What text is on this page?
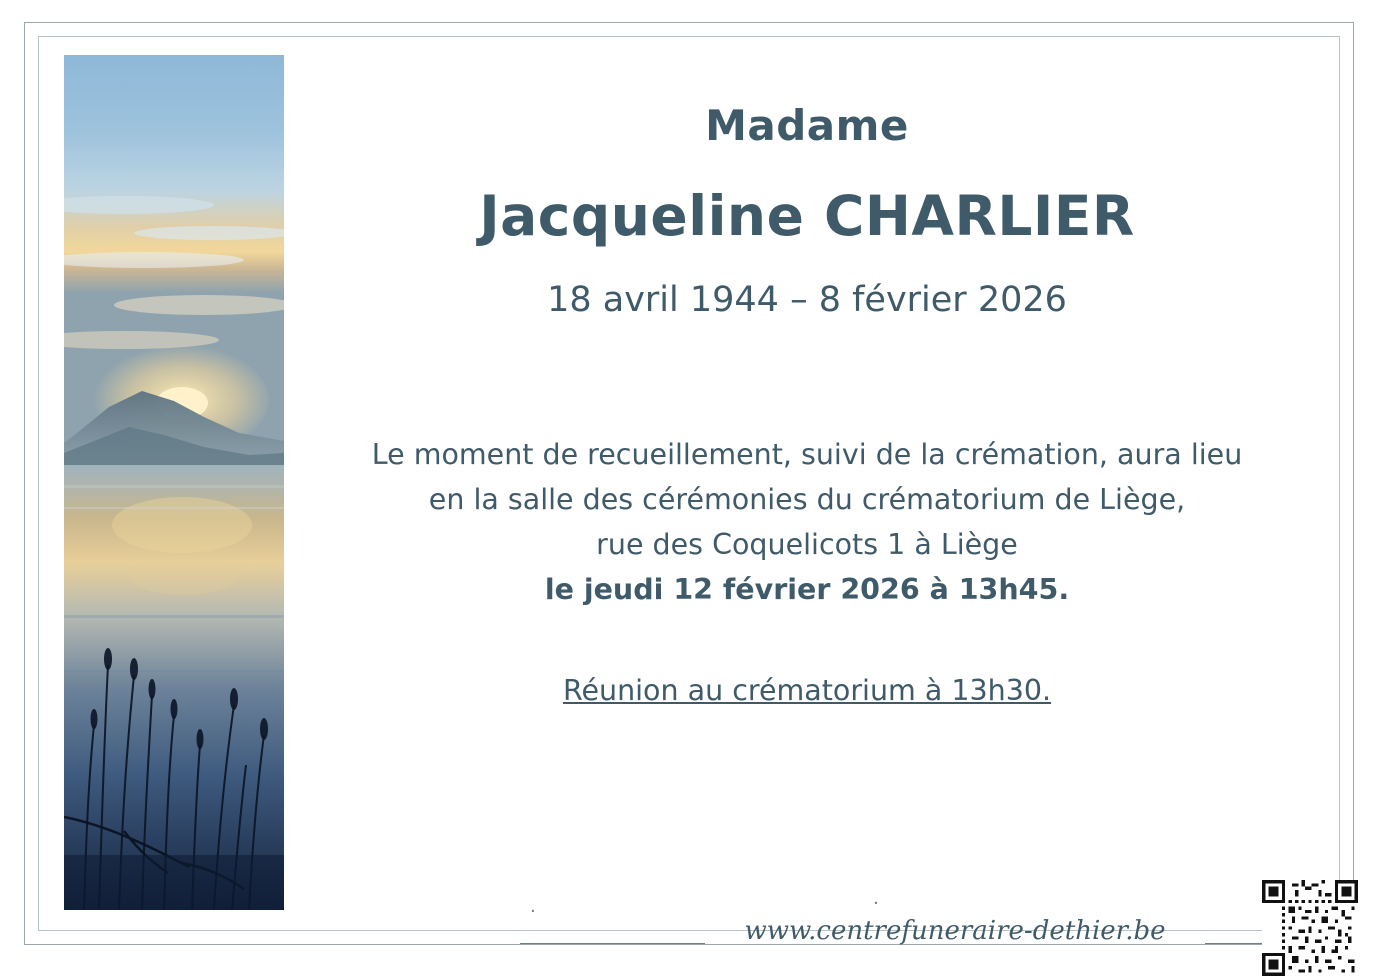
Madame
Jacqueline CHARLIER
18 avril 1944 – 8 février 2026
Le moment de recueillement, suivi de la crémation, aura lieu
en la salle des cérémonies du crématorium de Liège,
rue des Coquelicots 1 à Liège
le jeudi 12 février 2026 à 13h45.
Réunion au crématorium à 13h30.
·	·
www.centrefuneraire-dethier.be
